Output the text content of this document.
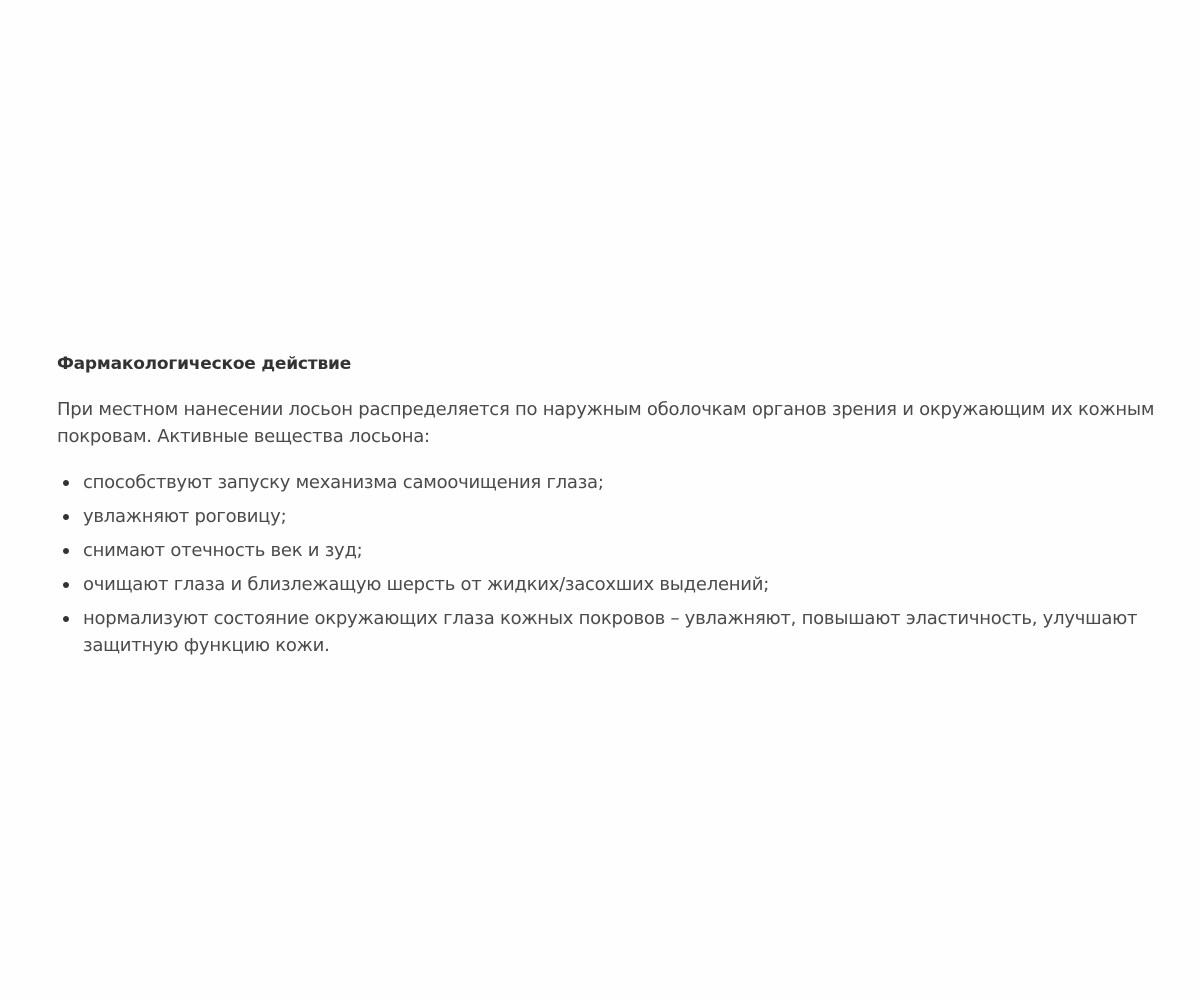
Фармакологическое действие

При местном нанесении лосьон распределяется по наружным оболочкам органов зрения и окружающим их кожным покровам. Активные вещества лосьона:

способствуют запуску механизма самоочищения глаза;
увлажняют роговицу;
снимают отечность век и зуд;
очищают глаза и близлежащую шерсть от жидких/засохших выделений;
нормализуют состояние окружающих глаза кожных покровов – увлажняют, повышают эластичность, улучшают защитную функцию кожи.
